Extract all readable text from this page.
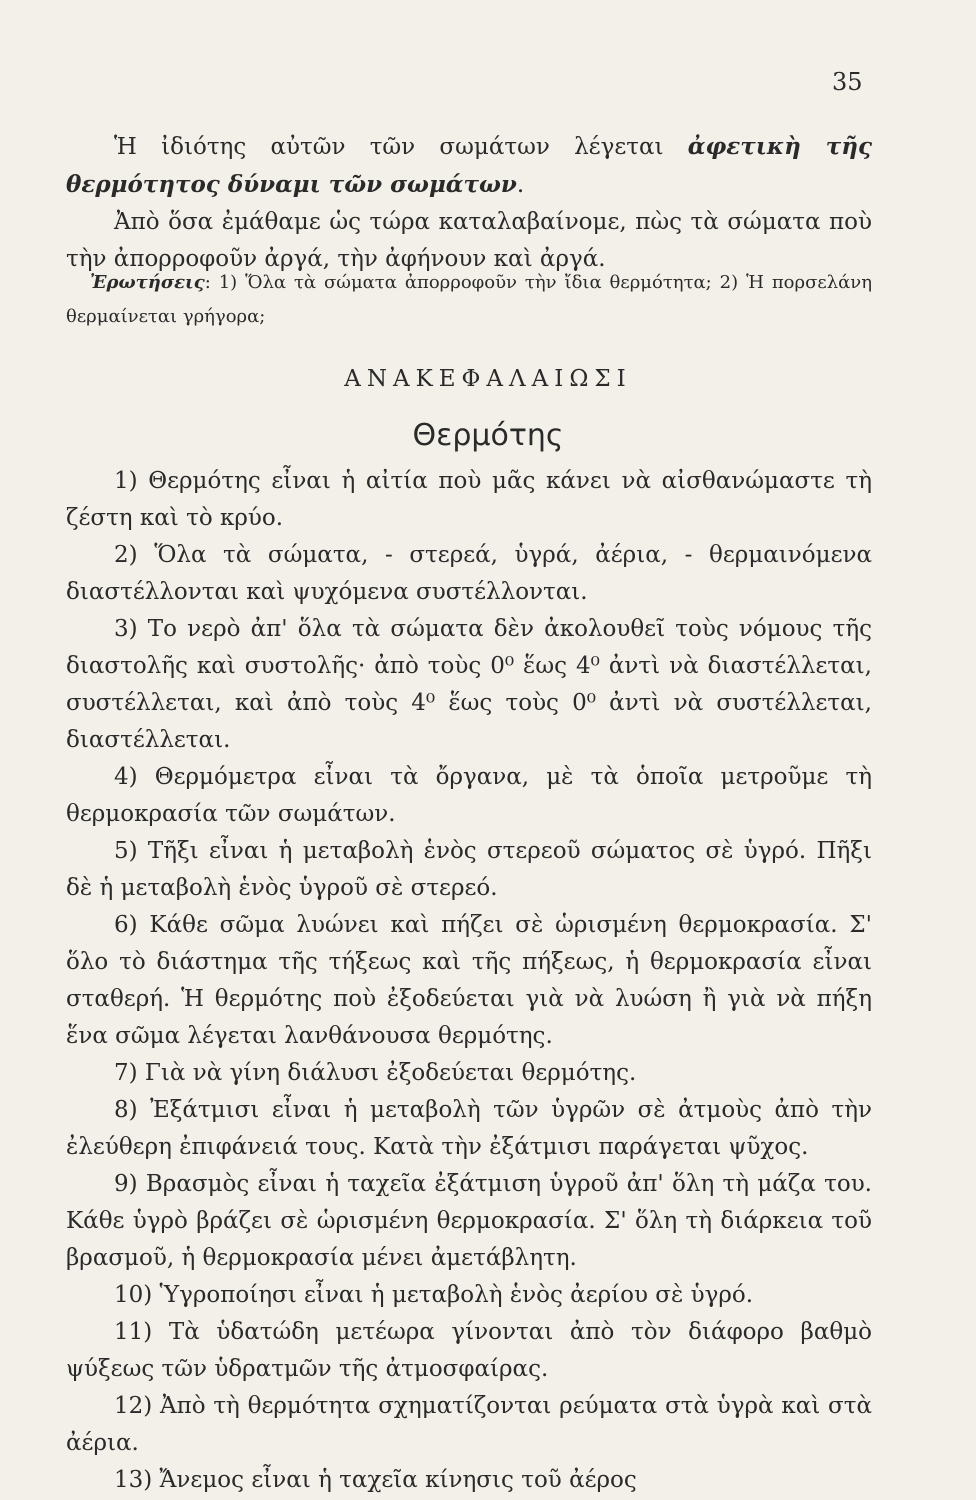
35

Ἡ ἰδιότης αὐτῶν τῶν σωμάτων λέγεται ἀφετικὴ τῆς θερμότητος δύναμι τῶν σωμάτων.

Ἀπὸ ὅσα ἐμάθαμε ὡς τώρα καταλαβαίνομε, πὼς τὰ σώματα ποὺ τὴν ἀπορροφοῦν ἀργά, τὴν ἀφήνουν καὶ ἀργά.

Ἐρωτήσεις: 1) Ὅλα τὰ σώματα ἀπορροφοῦν τὴν ἴδια θερμότητα; 2) Ἡ πορσελάνη θερμαίνεται γρήγορα;

ΑΝΑΚΕΦΑΛΑΙΩΣΙ
Θερμότης

1) Θερμότης εἶναι ἡ αἰτία ποὺ μᾶς κάνει νὰ αἰσθανώμαστε τὴ ζέστη καὶ τὸ κρύο.

2) Ὅλα τὰ σώματα, - στερεά, ὑγρά, ἀέρια, - θερμαινόμενα διαστέλλονται καὶ ψυχόμενα συστέλλονται.

3) Το νερὸ ἀπ' ὅλα τὰ σώματα δὲν ἀκολουθεῖ τοὺς νόμους τῆς διαστολῆς καὶ συστολῆς· ἀπὸ τοὺς 0⁰ ἕως 4⁰ ἀντὶ νὰ διαστέλλεται, συστέλλεται, καὶ ἀπὸ τοὺς 4⁰ ἕως τοὺς 0⁰ ἀντὶ νὰ συστέλλεται, διαστέλλεται.

4) Θερμόμετρα εἶναι τὰ ὄργανα, μὲ τὰ ὁποῖα μετροῦμε τὴ θερμοκρασία τῶν σωμάτων.

5) Τῆξι εἶναι ἡ μεταβολὴ ἑνὸς στερεοῦ σώματος σὲ ὑγρό. Πῆξι δὲ ἡ μεταβολὴ ἑνὸς ὑγροῦ σὲ στερεό.

6) Κάθε σῶμα λυώνει καὶ πήζει σὲ ὡρισμένη θερμοκρασία. Σ' ὅλο τὸ διάστημα τῆς τήξεως καὶ τῆς πήξεως, ἡ θερμοκρασία εἶναι σταθερή. Ἡ θερμότης ποὺ ἐξοδεύεται γιὰ νὰ λυώση ἢ γιὰ νὰ πήξη ἕνα σῶμα λέγεται λανθάνουσα θερμότης.

7) Γιὰ νὰ γίνη διάλυσι ἐξοδεύεται θερμότης.

8) Ἐξάτμισι εἶναι ἡ μεταβολὴ τῶν ὑγρῶν σὲ ἀτμοὺς ἀπὸ τὴν ἐλεύθερη ἐπιφάνειά τους. Κατὰ τὴν ἐξάτμισι παράγεται ψῦχος.

9) Βρασμὸς εἶναι ἡ ταχεῖα ἐξάτμιση ὑγροῦ ἀπ' ὅλη τὴ μάζα του. Κάθε ὑγρὸ βράζει σὲ ὡρισμένη θερμοκρασία. Σ' ὅλη τὴ διάρκεια τοῦ βρασμοῦ, ἡ θερμοκρασία μένει ἀμετάβλητη.

10) Ὑγροποίησι εἶναι ἡ μεταβολὴ ἑνὸς ἀερίου σὲ ὑγρό.

11) Τὰ ὑδατώδη μετέωρα γίνονται ἀπὸ τὸν διάφορο βαθμὸ ψύξεως τῶν ὑδρατμῶν τῆς ἀτμοσφαίρας.

12) Ἀπὸ τὴ θερμότητα σχηματίζονται ρεύματα στὰ ὑγρὰ καὶ στὰ ἀέρια.

13) Ἄνεμος εἶναι ἡ ταχεῖα κίνησις τοῦ ἀέρος
